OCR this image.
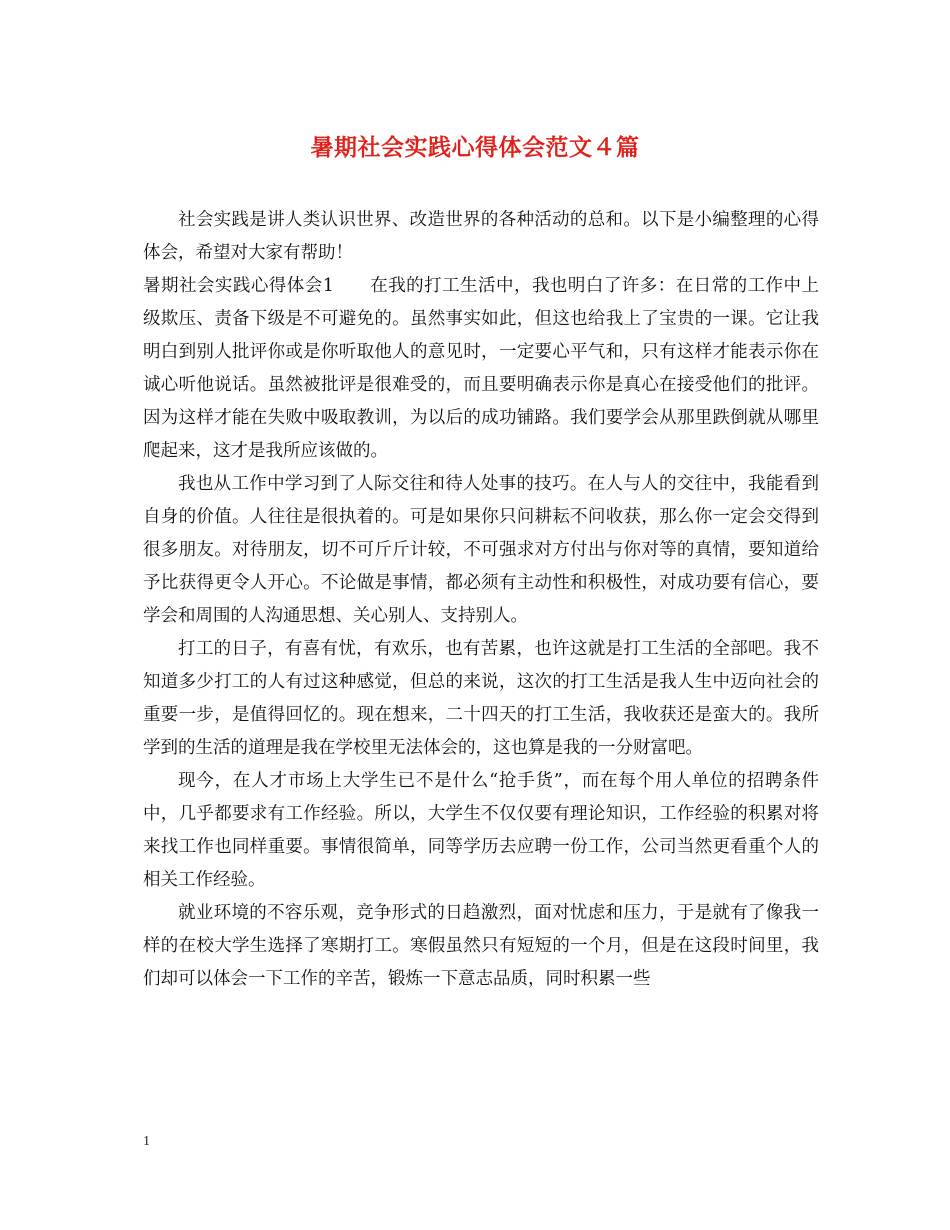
暑期社会实践心得体会范文４篇

社会实践是讲人类认识世界、改造世界的各种活动的总和。以下是小编整理的心得体会，希望对大家有帮助！

暑期社会实践心得体会1　　在我的打工生活中，我也明白了许多：在日常的工作中上级欺压、责备下级是不可避免的。虽然事实如此，但这也给我上了宝贵的一课。它让我明白到别人批评你或是你听取他人的意见时，一定要心平气和，只有这样才能表示你在诚心听他说话。虽然被批评是很难受的，而且要明确表示你是真心在接受他们的批评。因为这样才能在失败中吸取教训，为以后的成功铺路。我们要学会从那里跌倒就从哪里爬起来，这才是我所应该做的。

我也从工作中学习到了人际交往和待人处事的技巧。在人与人的交往中，我能看到自身的价值。人往往是很执着的。可是如果你只问耕耘不问收获，那么你一定会交得到很多朋友。对待朋友，切不可斤斤计较，不可强求对方付出与你对等的真情，要知道给予比获得更令人开心。不论做是事情，都必须有主动性和积极性，对成功要有信心，要学会和周围的人沟通思想、关心别人、支持别人。

打工的日子，有喜有忧，有欢乐，也有苦累，也许这就是打工生活的全部吧。我不知道多少打工的人有过这种感觉，但总的来说，这次的打工生活是我人生中迈向社会的重要一步，是值得回忆的。现在想来，二十四天的打工生活，我收获还是蛮大的。我所学到的生活的道理是我在学校里无法体会的，这也算是我的一分财富吧。

现今，在人才市场上大学生已不是什么“抢手货”，而在每个用人单位的招聘条件中，几乎都要求有工作经验。所以，大学生不仅仅要有理论知识，工作经验的积累对将来找工作也同样重要。事情很简单，同等学历去应聘一份工作，公司当然更看重个人的相关工作经验。

就业环境的不容乐观，竞争形式的日趋激烈，面对忧虑和压力，于是就有了像我一样的在校大学生选择了寒期打工。寒假虽然只有短短的一个月，但是在这段时间里，我们却可以体会一下工作的辛苦，锻炼一下意志品质，同时积累一些

1
